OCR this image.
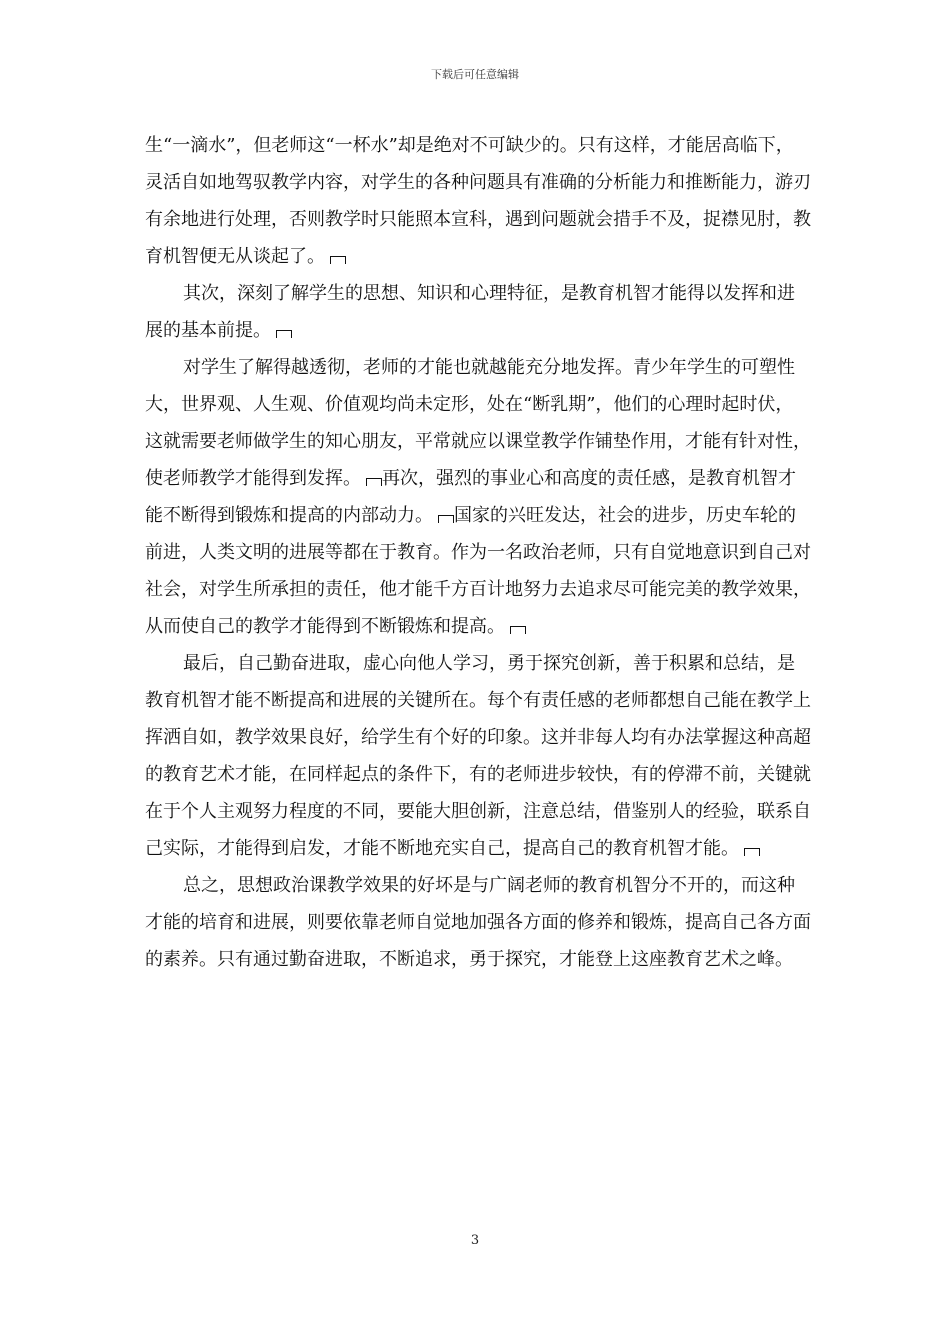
下载后可任意编辑

生“一滴水”，但老师这“一杯水”却是绝对不可缺少的。只有这样，才能居高临下，灵活自如地驾驭教学内容，对学生的各种问题具有准确的分析能力和推断能力，游刃有余地进行处理，否则教学时只能照本宣科，遇到问题就会措手不及，捉襟见肘，教育机智便无从谈起了。

其次，深刻了解学生的思想、知识和心理特征，是教育机智才能得以发挥和进展的基本前提。

对学生了解得越透彻，老师的才能也就越能充分地发挥。青少年学生的可塑性大，世界观、人生观、价值观均尚未定形，处在“断乳期”，他们的心理时起时伏，这就需要老师做学生的知心朋友，平常就应以课堂教学作铺垫作用，才能有针对性，使老师教学才能得到发挥。 再次，强烈的事业心和高度的责任感，是教育机智才能不断得到锻炼和提高的内部动力。 国家的兴旺发达，社会的进步，历史车轮的前进，人类文明的进展等都在于教育。作为一名政治老师，只有自觉地意识到自己对社会，对学生所承担的责任，他才能千方百计地努力去追求尽可能完美的教学效果，从而使自己的教学才能得到不断锻炼和提高。

最后，自己勤奋进取，虚心向他人学习，勇于探究创新，善于积累和总结，是教育机智才能不断提高和进展的关键所在。每个有责任感的老师都想自己能在教学上挥洒自如，教学效果良好，给学生有个好的印象。这并非每人均有办法掌握这种高超的教育艺术才能，在同样起点的条件下，有的老师进步较快，有的停滞不前，关键就在于个人主观努力程度的不同，要能大胆创新，注意总结，借鉴别人的经验，联系自己实际，才能得到启发，才能不断地充实自己，提高自己的教育机智才能。

总之，思想政治课教学效果的好坏是与广阔老师的教育机智分不开的，而这种才能的培育和进展，则要依靠老师自觉地加强各方面的修养和锻炼，提高自己各方面的素养。只有通过勤奋进取，不断追求，勇于探究，才能登上这座教育艺术之峰。

3
